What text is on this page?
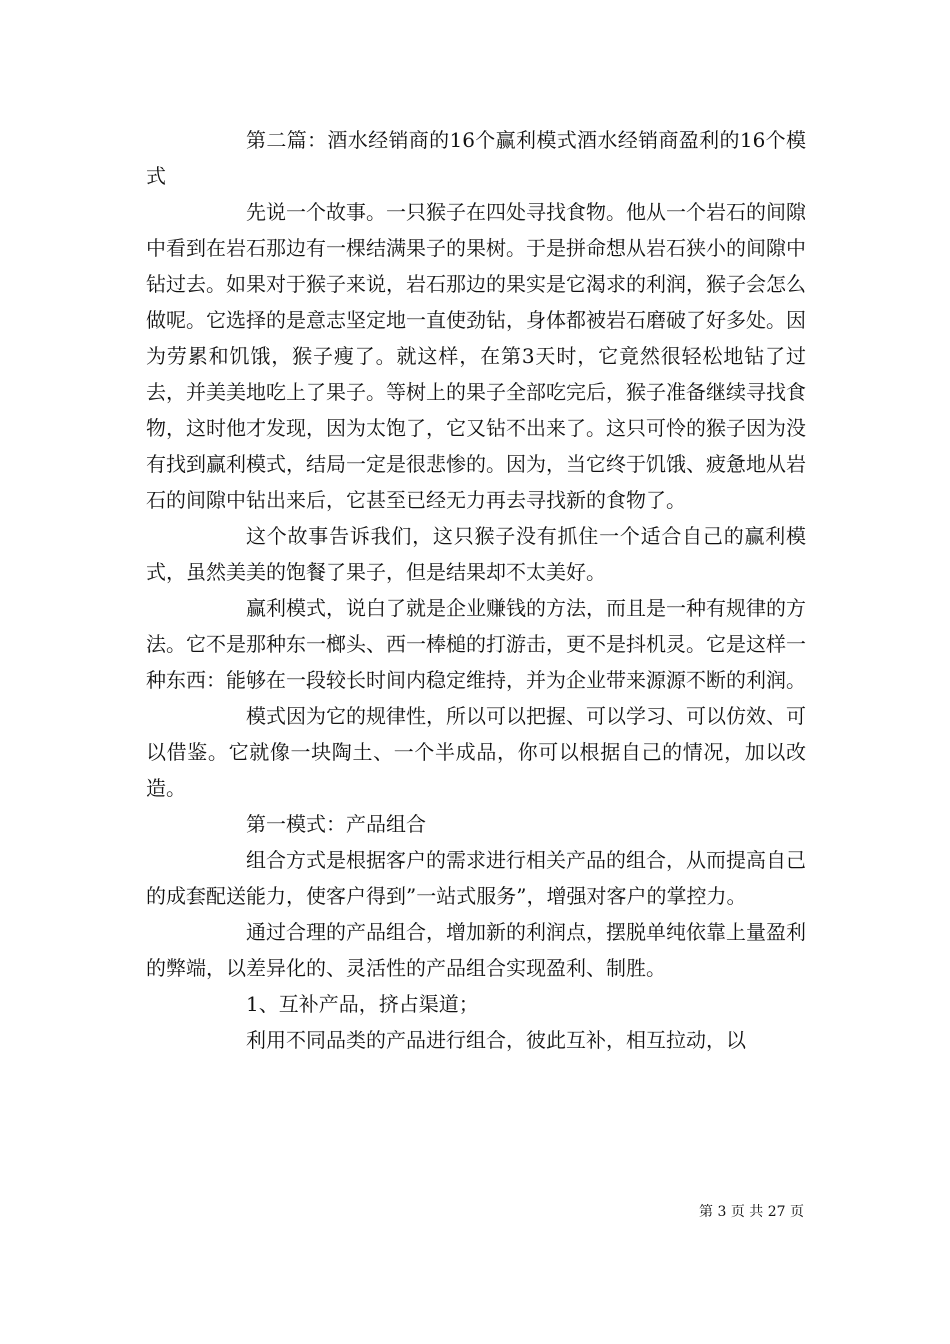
第二篇：酒水经销商的16个赢利模式酒水经销商盈利的16个模式

先说一个故事。一只猴子在四处寻找食物。他从一个岩石的间隙中看到在岩石那边有一棵结满果子的果树。于是拼命想从岩石狭小的间隙中钻过去。如果对于猴子来说，岩石那边的果实是它渴求的利润，猴子会怎么做呢。它选择的是意志坚定地一直使劲钻，身体都被岩石磨破了好多处。因为劳累和饥饿，猴子瘦了。就这样，在第3天时，它竟然很轻松地钻了过去，并美美地吃上了果子。等树上的果子全部吃完后，猴子准备继续寻找食物，这时他才发现，因为太饱了，它又钻不出来了。这只可怜的猴子因为没有找到赢利模式，结局一定是很悲惨的。因为，当它终于饥饿、疲惫地从岩石的间隙中钻出来后，它甚至已经无力再去寻找新的食物了。

这个故事告诉我们，这只猴子没有抓住一个适合自己的赢利模式，虽然美美的饱餐了果子，但是结果却不太美好。

赢利模式，说白了就是企业赚钱的方法，而且是一种有规律的方法。它不是那种东一榔头、西一棒槌的打游击，更不是抖机灵。它是这样一种东西：能够在一段较长时间内稳定维持，并为企业带来源源不断的利润。

模式因为它的规律性，所以可以把握、可以学习、可以仿效、可以借鉴。它就像一块陶土、一个半成品，你可以根据自己的情况，加以改造。

第一模式：产品组合

组合方式是根据客户的需求进行相关产品的组合，从而提高自己的成套配送能力，使客户得到”一站式服务”，增强对客户的掌控力。

通过合理的产品组合，增加新的利润点，摆脱单纯依靠上量盈利的弊端，以差异化的、灵活性的产品组合实现盈利、制胜。

1、互补产品，挤占渠道；

利用不同品类的产品进行组合，彼此互补，相互拉动，以

第 3 页 共 27 页
